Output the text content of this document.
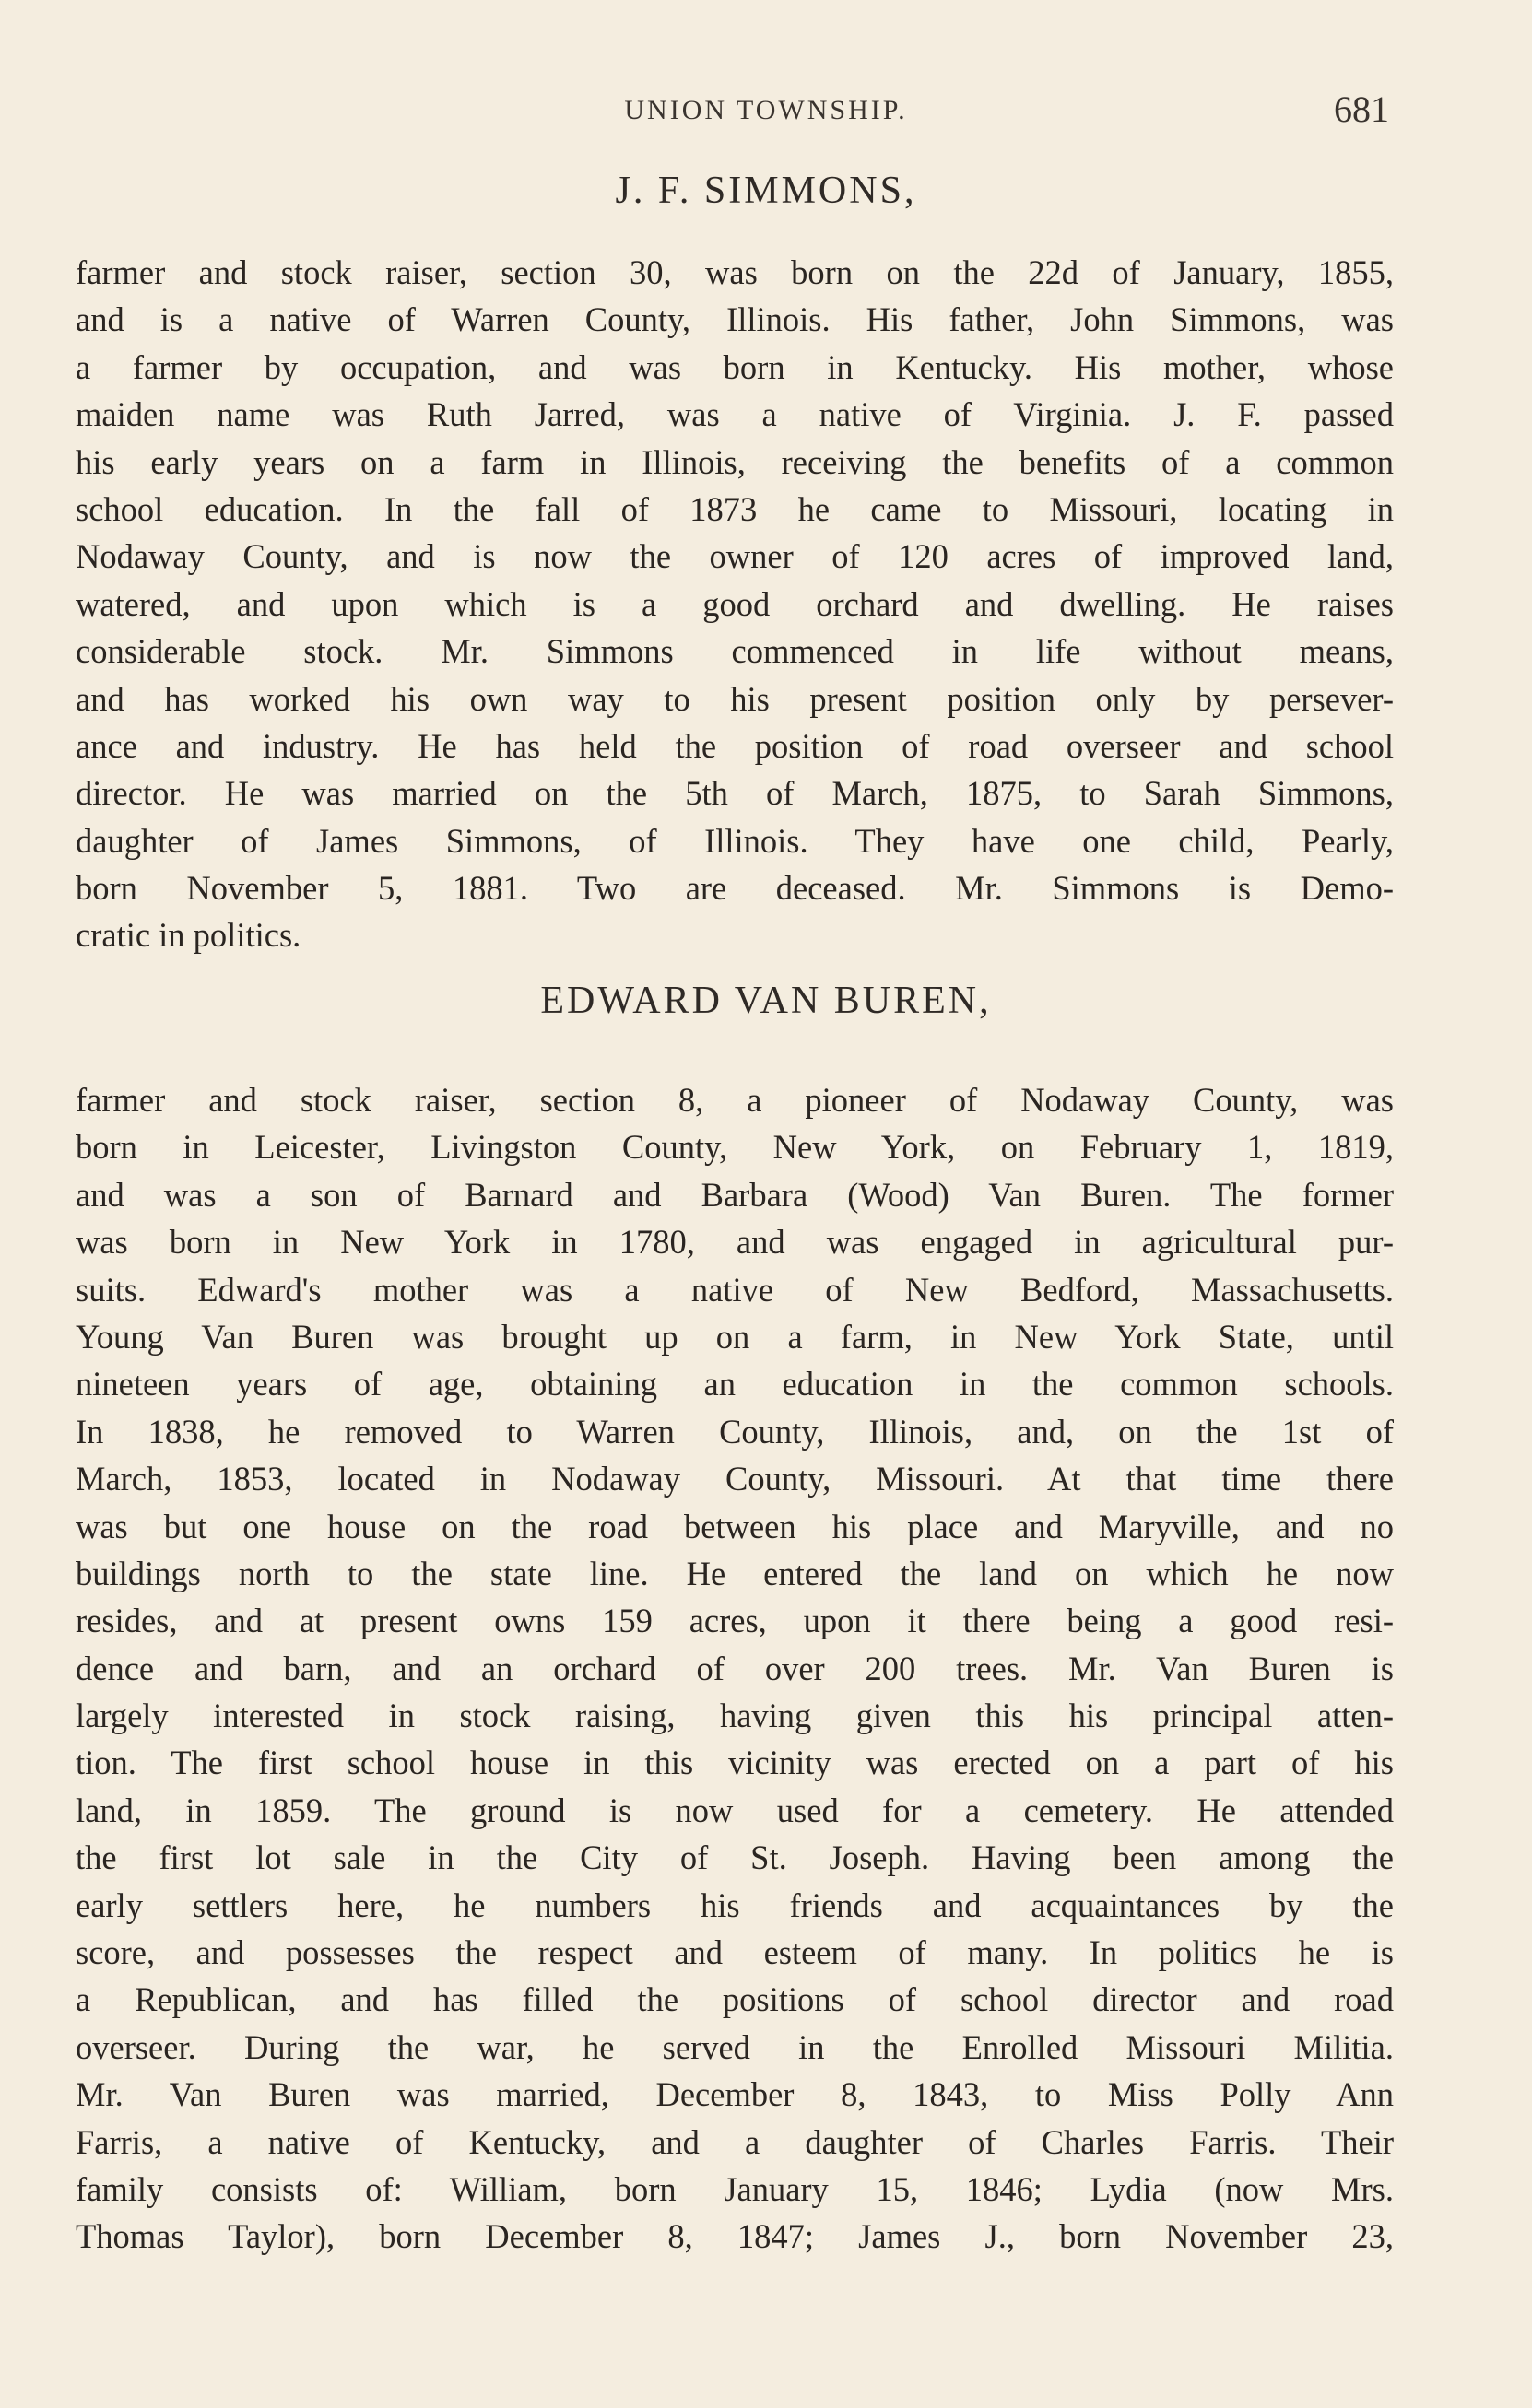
UNION TOWNSHIP.	681
J. F. SIMMONS,
farmer and stock raiser, section 30, was born on the 22d of January, 1855,
and is a native of Warren County, Illinois. His father, John Simmons, was
a farmer by occupation, and was born in Kentucky. His mother, whose
maiden name was Ruth Jarred, was a native of Virginia. J. F. passed
his early years on a farm in Illinois, receiving the benefits of a common
school education. In the fall of 1873 he came to Missouri, locating in
Nodaway County, and is now the owner of 120 acres of improved land,
watered, and upon which is a good orchard and dwelling. He raises
considerable stock. Mr. Simmons commenced in life without means,
and has worked his own way to his present position only by persever-
ance and industry. He has held the position of road overseer and school
director. He was married on the 5th of March, 1875, to Sarah Simmons,
daughter of James Simmons, of Illinois. They have one child, Pearly,
born November 5, 1881. Two are deceased. Mr. Simmons is Demo-
cratic in politics.
EDWARD VAN BUREN,
farmer and stock raiser, section 8, a pioneer of Nodaway County, was
born in Leicester, Livingston County, New York, on February 1, 1819,
and was a son of Barnard and Barbara (Wood) Van Buren. The former
was born in New York in 1780, and was engaged in agricultural pur-
suits. Edward's mother was a native of New Bedford, Massachusetts.
Young Van Buren was brought up on a farm, in New York State, until
nineteen years of age, obtaining an education in the common schools.
In 1838, he removed to Warren County, Illinois, and, on the 1st of
March, 1853, located in Nodaway County, Missouri. At that time there
was but one house on the road between his place and Maryville, and no
buildings north to the state line. He entered the land on which he now
resides, and at present owns 159 acres, upon it there being a good resi-
dence and barn, and an orchard of over 200 trees. Mr. Van Buren is
largely interested in stock raising, having given this his principal atten-
tion. The first school house in this vicinity was erected on a part of his
land, in 1859. The ground is now used for a cemetery. He attended
the first lot sale in the City of St. Joseph. Having been among the
early settlers here, he numbers his friends and acquaintances by the
score, and possesses the respect and esteem of many. In politics he is
a Republican, and has filled the positions of school director and road
overseer. During the war, he served in the Enrolled Missouri Militia.
Mr. Van Buren was married, December 8, 1843, to Miss Polly Ann
Farris, a native of Kentucky, and a daughter of Charles Farris. Their
family consists of: William, born January 15, 1846; Lydia (now Mrs.
Thomas Taylor), born December 8, 1847; James J., born November 23,
